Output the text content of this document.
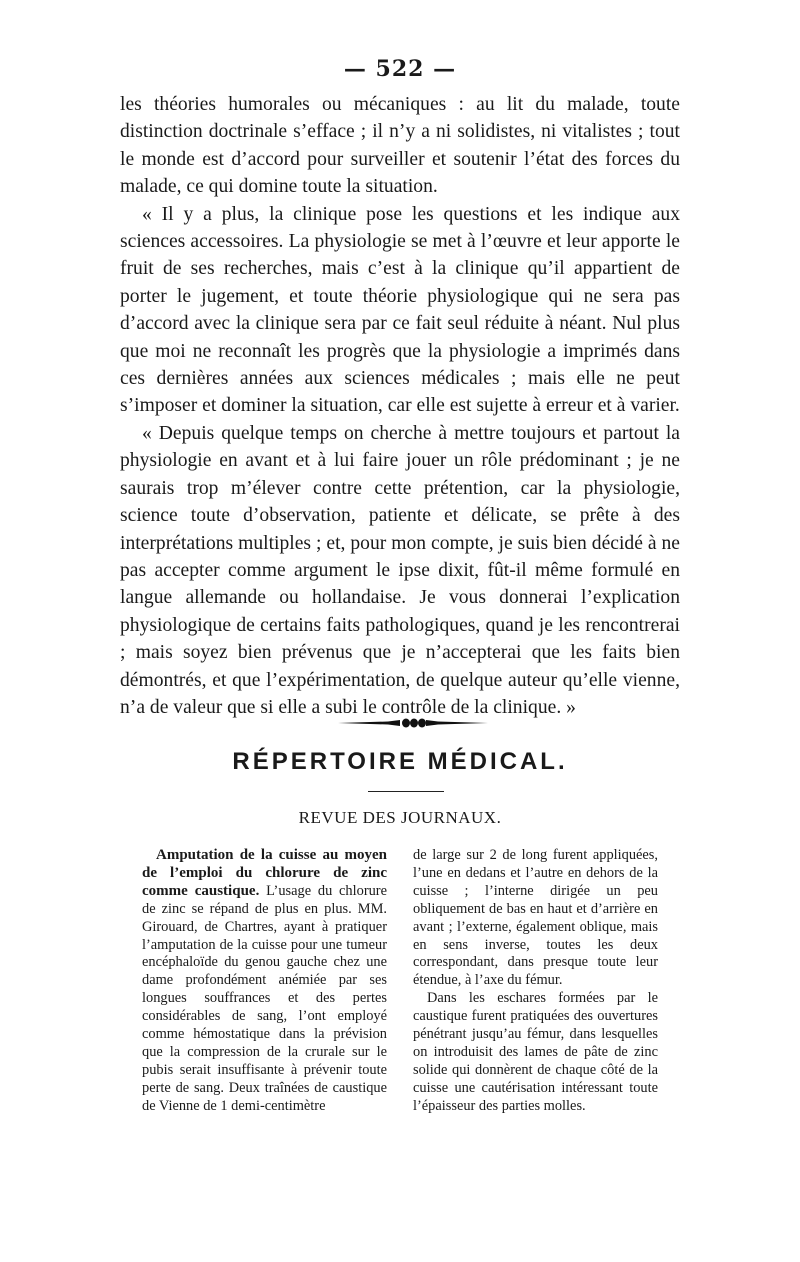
— 522 —

les théories humorales ou mécaniques : au lit du malade, toute distinction doctrinale s’efface ; il n’y a ni solidistes, ni vitalistes ; tout le monde est d’accord pour surveiller et soutenir l’état des forces du malade, ce qui domine toute la situation.

« Il y a plus, la clinique pose les questions et les indique aux sciences accessoires. La physiologie se met à l’œuvre et leur apporte le fruit de ses recherches, mais c’est à la clinique qu’il appartient de porter le jugement, et toute théorie physiologique qui ne sera pas d’accord avec la clinique sera par ce fait seul réduite à néant. Nul plus que moi ne reconnaît les progrès que la physiologie a imprimés dans ces dernières années aux sciences médicales ; mais elle ne peut s’imposer et dominer la situation, car elle est sujette à erreur et à varier.

« Depuis quelque temps on cherche à mettre toujours et partout la physiologie en avant et à lui faire jouer un rôle prédominant ; je ne saurais trop m’élever contre cette prétention, car la physiologie, science toute d’observation, patiente et délicate, se prête à des interprétations multiples ; et, pour mon compte, je suis bien décidé à ne pas accepter comme argument le ipse dixit, fût-il même formulé en langue allemande ou hollandaise. Je vous donnerai l’explication physiologique de certains faits pathologiques, quand je les rencontrerai ; mais soyez bien prévenus que je n’accepterai que les faits bien démontrés, et que l’expérimentation, de quelque auteur qu’elle vienne, n’a de valeur que si elle a subi le contrôle de la clinique. »

RÉPERTOIRE MÉDICAL.
REVUE DES JOURNAUX.

Amputation de la cuisse au moyen de l’emploi du chlorure de zinc comme caustique. L’usage du chlorure de zinc se répand de plus en plus. MM. Girouard, de Chartres, ayant à pratiquer l’amputation de la cuisse pour une tumeur encéphaloïde du genou gauche chez une dame profondément anémiée par ses longues souffrances et des pertes considérables de sang, l’ont employé comme hémostatique dans la prévision que la compression de la crurale sur le pubis serait insuffisante à prévenir toute perte de sang. Deux traînées de caustique de Vienne de 1 demi-centimètre

de large sur 2 de long furent appliquées, l’une en dedans et l’autre en dehors de la cuisse ; l’interne dirigée un peu obliquement de bas en haut et d’arrière en avant ; l’externe, également oblique, mais en sens inverse, toutes les deux correspondant, dans presque toute leur étendue, à l’axe du fémur.

Dans les eschares formées par le caustique furent pratiquées des ouvertures pénétrant jusqu’au fémur, dans lesquelles on introduisit des lames de pâte de zinc solide qui donnèrent de chaque côté de la cuisse une cautérisation intéressant toute l’épaisseur des parties molles.
